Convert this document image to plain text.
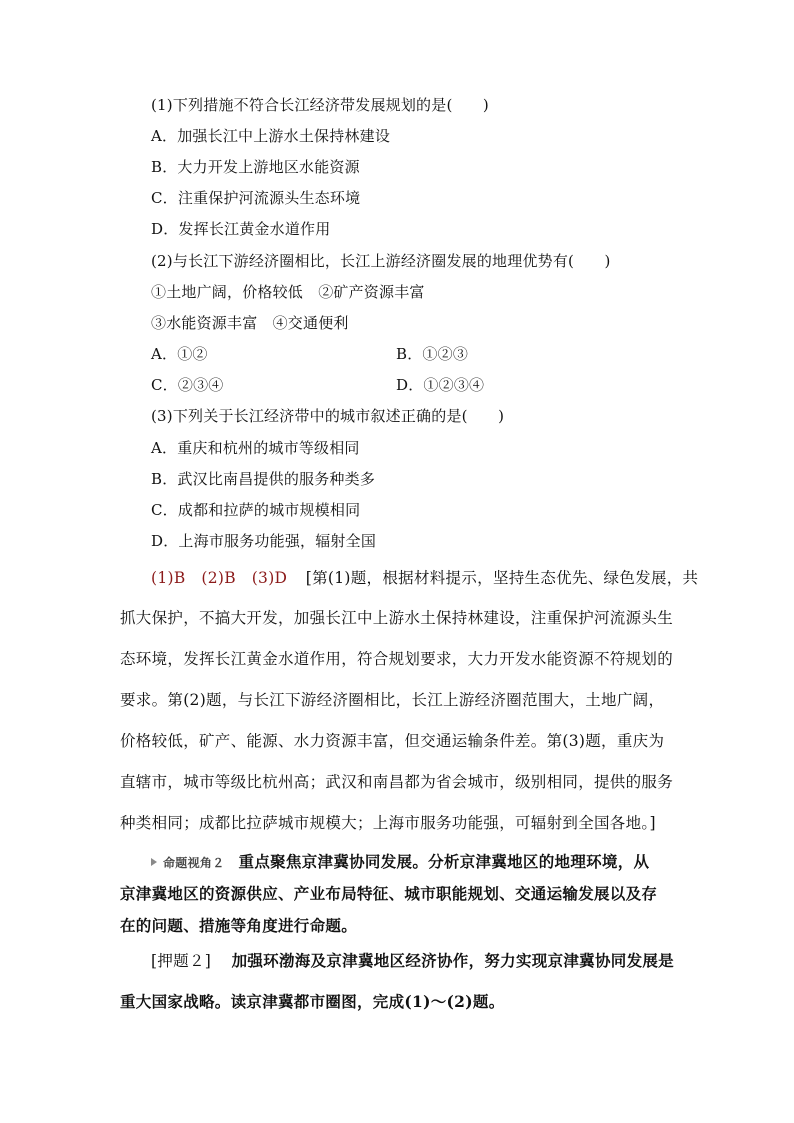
(1)下列措施不符合长江经济带发展规划的是(　　)
A．加强长江中上游水土保持林建设
B．大力开发上游地区水能资源
C．注重保护河流源头生态环境
D．发挥长江黄金水道作用
(2)与长江下游经济圈相比，长江上游经济圈发展的地理优势有(　　)
①土地广阔，价格较低　②矿产资源丰富
③水能资源丰富　④交通便利
A．①②	B．①②③
C．②③④	D．①②③④
(3)下列关于长江经济带中的城市叙述正确的是(　　)
A．重庆和杭州的城市等级相同
B．武汉比南昌提供的服务种类多
C．成都和拉萨的城市规模相同
D．上海市服务功能强，辐射全国
(1)B　(2)B　(3)D [第(1)题，根据材料提示，坚持生态优先、绿色发展，共
抓大保护，不搞大开发，加强长江中上游水土保持林建设，注重保护河流源头生
态环境，发挥长江黄金水道作用，符合规划要求，大力开发水能资源不符规划的
要求。第(2)题，与长江下游经济圈相比，长江上游经济圈范围大，土地广阔，
价格较低，矿产、能源、水力资源丰富，但交通运输条件差。第(3)题，重庆为
直辖市，城市等级比杭州高；武汉和南昌都为省会城市，级别相同，提供的服务
种类相同；成都比拉萨城市规模大；上海市服务功能强，可辐射到全国各地。]
命题视角２ 重点聚焦京津冀协同发展。分析京津冀地区的地理环境，从
京津冀地区的资源供应、产业布局特征、城市职能规划、交通运输发展以及存
在的问题、措施等角度进行命题。
[押题２] 加强环渤海及京津冀地区经济协作，努力实现京津冀协同发展是
重大国家战略。读京津冀都市圈图，完成(1)～(2)题。
